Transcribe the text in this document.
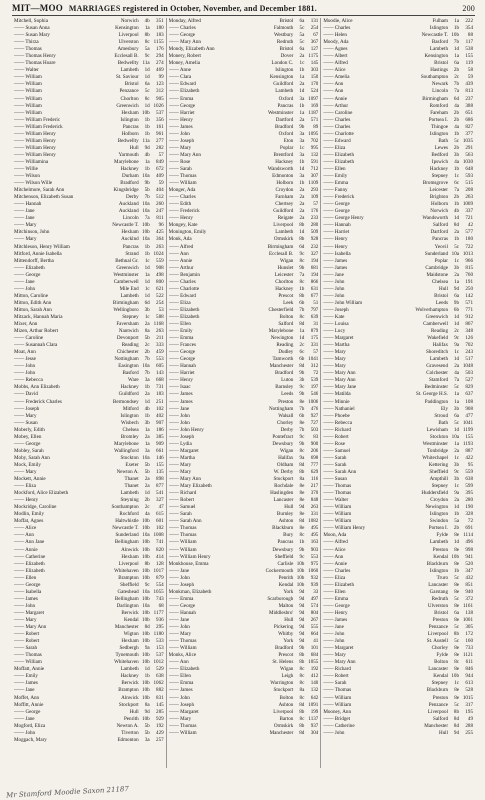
MIT—MOO MARRIAGES registered in October, November, and December 1881.	200
Mitchell, Sophia	Norwich	4b	351
—— Susan Anna	Kensington	1a	180
—— Susan Mary	Liverpool	8b	183
—— Thirza	Ulverston	8c 1155
—— Thomas	Amesbury	5a	176
—— Thomas Henry	Ecclesall B.	9c	294
—— Thomas Hoare	Bedwellty 11a	274
—— Walter	Lambeth	1d	469
—— William	St. Saviour	1d	99
—— William	Bristol	6a	123
—— William	Penzance	5c	312
—— William	Chorlton	8c	905
—— William	Greenwich	1d 1026
—— William	Hexham 10b	537
—— William Frederic	Islington	1b	356
—— William Frederick	Pancras	1b	161
—— William Henry	Holborn	1b	961
—— William Henry	Bedwellty 11a	277
—— William Henry	Hull	9d	282
—— William Henry	Yarmouth	4b	57
—— Williamina	Marylebone	1a	849
—— Willie	Hackney	1b	672
—— Wilson	Durham 10a	409
—— Wilson Wille	Bradford	9b	59
Mitchelmore, Sarah Ann	Kingsbridge	5b	404
Mitchenson, Elizabeth Susan	Derby	7b	512
—— Hannah	Auckland 10a	260
—— Jane	Auckland 10a	247
—— Jane	Lincoln	7a	811
—— Mary	Newcastle T. 10b	96
Mitchinson, John	Hexham 10b	425
—— Mary	Aucklnd 10a	364
Mitchleson, Henry William	Pancras	1b	263
Mitford, Annie Isabella	Strand	1b 1024
Mittendorff, Bertha	Bethnal Gr.	1c	559
—— Elizabeth	Greenwich	1d	908
—— George	Westminster	1a	498
—— Jane	Camberwell	1d	800
—— John	Mile End	1c	621
Mitton, Caroline	Lambeth	1d	522
Mitton, Edith Ann	Birmingham	6d	254
Mitton, Sarah Ann	Wellingboro	3b	53
Mitzack, Hannah Maria	Stepney	1c	588
Mixer, Ann	Faversham	2a 1168
Mizen, Arthur Robert	Nantwich	8a	263
—— Caroline	Devonport	5b	211
—— Susannah Clara	Reading	2c	333
Moat, Ann	Chichester	2b	459
—— Jesse	Nottingham	7b	553
—— John	Easington 10a	605
—— John	Basford	7b	143
—— Rebecca	Ware	3a	668
Mobbs, Ann Elizabeth	Hackney	1b	731
—— David	Guildford	2a	183
—— Frederick Charles	Bermondsey	1d	251
—— Joseph	Mitford	4b	102
—— Mary	Islington	1b	402
—— Susan	Wisbech	3b	907
Moberly, Edith	Chelsea	1a	186
Mobey, Ellen	Bromley	2a	385
—— George	Marylebone	1a	909
Mobley, Sarah	Wallingford	3a	661
Moby, Sarah Ann	Stockton 10a	146
Mock, Emily	Exeter	5b	155
—— Mary	Newton A.	5b	135
Mockett, Annie	Thanet	2a	898
—— Eliza	Thanet	2a	877
Mockford, Alice Elizabeth	Lambeth	1d	541
—— Henry	Steyning	2b	327
Mockridge, Caroline	Southampton	2c	47
Modlin, Emily	Rochford	4a	615
Moffat, Agnes	Haltwhistle 10b	601
—— Alice	Newcastle T. 10b	102
—— Ann	Sunderland 10a 1008
—— Ann Jane	Bellingham 10b	741
—— Annie	Alnwick 10b	820
—— Catherine	Hexham 10b	414
—— Elizabeth	Liverpool	8b	128
—— Elizabeth	Whitehaven 10b 1017
—— Ellen	Brampton 10b	879
—— George	Sheffield	9c	554
—— Isabella	Gateshead 10a 1055
—— James	Bellingham 10b	743
—— John	Darlington 10a	68
—— Margaret	Berwick 10b 1177
—— Mary	Kendal 10b	936
—— Mary Ann	Manchester	8d	295
—— Robert	Wigton 10b 1180
—— Robert	Hexham 10b	533
—— Sarah	Sedbergh	9a	153
—— Thomas	Tynemouth 10b	537
—— William	Whitehaven 10b 1012
Moffatt, Annie	Lambeth	1d	529
—— Emily	Hackney	1b	638
—— James	Berwick 10b 1062
—— Jane	Brampton 10b	882
Moffet, Ann	Alnwick 10b	831
Moffitt, Annie	Stockport	8a	145
—— George	Hull	9d	285
—— Jane	Penrith 10b	929
Mogford, Eliza	Newton A.	5b	192
—— John	Tiverton	5b	429
Moggach, Mary	Edmonton	3a	257
Monday, Alfred	Bristol	6a	131
—— Charles	Falmouth	5c	254
—— George	Westbury	5a	67
—— Mary Ann	Redruth	5c	367
Mondy, Elizabeth Ann	Bristol	6a	127
Monery, Robert	Dover	2a 1175
Money, Amelia	London C.	1c	145
—— Anne	Islington	1b	303
—— Clara	Kensington	1a	150
—— Edward	Guildford	2a	170
—— Elizabeth	Lambeth	1d	524
—— Emma	Oxford	3a 1097
—— George	Pancras	1b	169
—— Harriet	Westminster	1a 1187
—— Henry	Dartford	2a	571
—— James	Bradford	9b	89
—— John	Oxford	3a 1095
—— Joseph	Eton	3a	702
—— Mary	Poplar	1c	995
—— Mary Ann	Brentford	3a	132
—— Rose	Hackney	1b	591
—— Sarah	Wandsworth	1d	712
—— Thomas	Edmonton	3a	307
—— William	Holborn	1b 1109
Monger, Ada	Croydon	2a	293
—— Charles	Farnham	2a	109
—— Edith	Chertsey	2a	57
—— Frederick	Guildford	2a	176
—— Henry	Reigate	2a	233
Mongey, Kate	Liverpool	8b	280
Monington, Emily	Lambeth	1d	509
Monk, Ada	Ormskirk	8b	928
—— Alfred	Birmingham	6d	232
—— Ann	Ecclesall B.	9c	327
—— Annie	Wigan	8c	194
—— Arthur	Hunslet	9b	681
—— Benjamin	Leicester	7a	194
—— Charles	Chorlton	8c	866
—— Charlotte	Hackney	1b	631
—— Edward	Prescot	8b	677
—— Eliza	Leek	6b	51
—— Elizabeth	Chesterfield	7b	797
—— Elizabeth	Bolton	8c	639
—— Ellen	Salford	8d	31
—— Emily	Marylebone	1a	879
—— Emma	Newington	1d	175
—— Frances	Reading	2c	331
—— George	Dudley	6c	57
—— George	Tamworth	6b 1041
—— Hannah	Manchester	8d	312
—— Harriet	Bradford	9b	72
—— Henry	Luton	3b	539
—— Isaac	Barnsley	9c	197
—— James	Leeds	9b	546
—— James	Preston	8e 1006
—— Jane	Nottingham	7b	476
—— John	Walsall	6b	927
—— John	Chorley	8e	727
—— John Henry	Derby	7b	503
—— Joseph	Pontefract	9c	83
—— Lydia	Dewsbury	9b	900
—— Margaret	Wigan	8c	206
—— Martha	Halifax	9a	698
—— Mary	Oldham	8d	777
—— Mary	W. Derby	8b	629
—— Mary Ann	Stockport	8a	116
—— Mary Elizabeth	Rochdale	8e	217
—— Richard	Haslingden	8e	370
—— Robert	Lancaster	8e	848
—— Samuel	Hull	9d	263
—— Sarah	Burnley	8e	331
—— Sarah Ann	Ashton	8d 1082
—— Thomas	Blackburn	8e	495
—— Thomas	Bury	8c	495
—— William	Pancras	1b	163
—— William	Dewsbury	9b	903
—— William Henry	Sheffield	9c	553
Monkhouse, Emma	Carlisle 10b	975
—— Jane	Cockermouth 10b 1060
—— John	Penrith 10b	932
—— Joseph	Kendal 10b	939
Monkman, Elizabeth	York	9d	33
—— Emma	Scarborough	9d	497
—— George	Malton	9d	574
—— Hannah	Middlesbro'	9d	804
—— Jane	Hull	9d	267
—— John	Pickering	9d	555
—— Mary	Whitby	9d	664
—— Thomas	York	9d	41
—— William	Bradford	9b	101
Monks, Alice	Prescot	8b	684
—— Ann	St. Helens	8b 1055
—— Elizabeth	Wigan	8c	192
—— Ellen	Leigh	8c	412
—— Emma	Warrington	8c	140
—— James	Stockport	8a	132
—— John	Bolton	8c	642
—— Joseph	Ashton	8d 1091
—— Margaret	Liverpool	8b	199
—— Mary	Barton	8c 1137
—— Thomas	Ormskirk	8b	937
—— William	Manchester	8d	304
Moodie, Alice	Fulham	1a	222
—— Charles	Islington	1b	354
—— Helen	Newcastle T. 10b	88
Moody, Ada	Basford	7b	117
—— Agnes	Lambeth	1d	538
—— Albert	Kensington	1a	155
—— Alfred	Bristol	6a	119
—— Alice	Hastings	2b	58
—— Amelia	Southampton	2c	59
—— Ann	Newark	7b	439
—— Ann	Lincoln	7a	813
—— Annie	Birmingham	6d	237
—— Arthur	Romford	4a	388
—— Caroline	Fareham	2b	651
—— Charles	Portsea I.	2b	686
—— Charles	Thingoe	4a	827
—— Charlotte	Islington	1b	377
—— Edward	Bath	5c 1035
—— Eliza	Lewes	2b	291
—— Elizabeth	Bedford	3b	563
—— Elizabeth	Ipswich	4a 1030
—— Ellen	Hackney	1b	648
—— Emily	Stepney	1c	593
—— Emma	Bromsgrove	6c	515
—— Fanny	Leicester	7a	208
—— Frederick	Brighton	2b	263
—— George	Holborn	1b 1069
—— George	Norwich	4b	337
—— George Henry	Wandsworth	1d	721
—— Hannah	Salford	8d	42
—— Harriet	Dartford	2a	577
—— Henry	Pancras	1b	180
—— Henry	Yeovil	5c	722
—— Isabella	Sunderland 10a 1013
—— James	Poplar	1c	966
—— James	Cambridge	3b	815
—— Jane	Maidstone	2a	760
—— John	Chelsea	1a	191
—— John	Hull	9d	250
—— John	Bristol	6a	142
—— John William	Leeds	9b	571
—— Joseph	Wolverhampton	6b	771
—— Kate	Greenwich	1d	912
—— Louisa	Camberwell	1d	867
—— Lucy	Reading	2c	348
—— Margaret	Wakefield	9c	126
—— Martha	Halifax	9a	702
—— Mary	Shoreditch	1c	243
—— Mary	Lambeth	1d	517
—— Mary	Gravesend	2a 1048
—— Mary Ann	Colchester	4a	503
—— Mary Ann	Stamford	7a	527
—— Mary Jane	Bedminster	5c	829
—— Matilda	St. George H.S.	1a	637
—— Minnie	Paddington	1a	108
—— Nathaniel	Ely	3b	908
—— Phoebe	Stroud	6a	477
—— Rebecca	Bath	5c 1041
—— Richard	Lewisham	1d 1199
—— Robert	Stockton 10a	155
—— Rose	Westminster	1a 1193
—— Samuel	Tonbridge	2a	887
—— Sarah	Whitechapel	1c	422
—— Sarah	Kettering	3b	95
—— Sarah Ann	Sheffield	9c	559
—— Susan	Ampthill	3b	638
—— Thomas	Stepney	1c	599
—— Thomas	Huddersfield	9a	395
—— Walter	Croydon	2a	280
—— William	Newington	1d	190
—— William	Islington	1b	328
—— William	Swindon	5a	72
—— William Henry	Portsea I.	2b	691
Moon, Ada	Fylde	8e 1114
—— Alfred	Lambeth	1d	496
—— Alice	Preston	8e	998
—— Ann	Kendal 10b	941
—— Annie	Blackburn	8e	520
—— Charles	Islington	1b	347
—— Eliza	Truro	5c	432
—— Elizabeth	Lancaster	8e	851
—— Ellen	Garstang	8e	940
—— Emma	Redruth	5c	372
—— George	Ulverston	8e 1161
—— Henry	Bristol	6a	138
—— James	Preston	8e 1001
—— Jane	Penzance	5c	305
—— John	Liverpool	8b	172
—— John	St. Austell	5c	160
—— Margaret	Chorley	8e	733
—— Mary	Fylde	8e 1121
—— Mary Ann	Bolton	8c	611
—— Richard	Lancaster	8e	846
—— Robert	Kendal 10b	944
—— Sarah	Stepney	1c	613
—— Thomas	Blackburn	8e	528
—— William	Preston	8e 1015
—— William	Penzance	5c	317
Mooney, Ann	Liverpool	8b	195
—— Bridget	Salford	8d	49
—— Catherine	Manchester	8d	288
—— John	Hull	9d	255
Mr Stamford Moodie Saxon 21187
